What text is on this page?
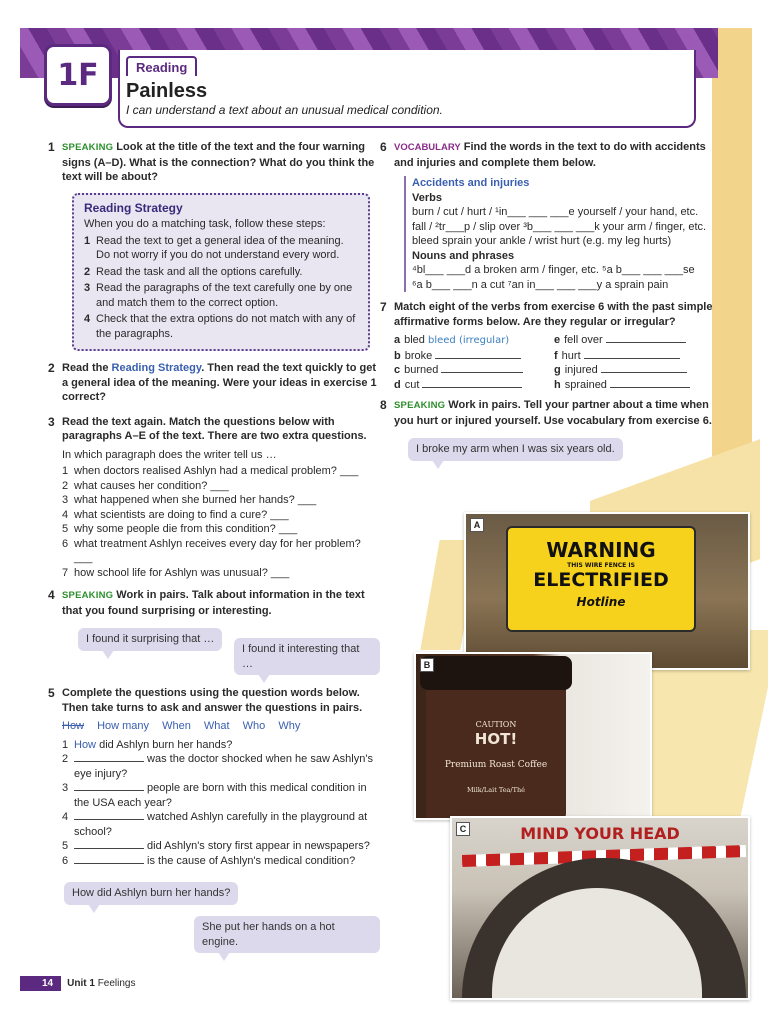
1F	Reading
Painless
I can understand a text about an unusual medical condition.
1 SPEAKING Look at the title of the text and the four warning signs (A–D). What is the connection? What do you think the text will be about?
Reading Strategy
When you do a matching task, follow these steps:
1 Read the text to get a general idea of the meaning. Do not worry if you do not understand every word.
2 Read the task and all the options carefully.
3 Read the paragraphs of the text carefully one by one and match them to the correct option.
4 Check that the extra options do not match with any of the paragraphs.
2 Read the Reading Strategy. Then read the text quickly to get a general idea of the meaning. Were your ideas in exercise 1 correct?
3 Read the text again. Match the questions below with paragraphs A–E of the text. There are two extra questions.
In which paragraph does the writer tell us …
1 when doctors realised Ashlyn had a medical problem? ___
2 what causes her condition? ___
3 what happened when she burned her hands? ___
4 what scientists are doing to find a cure? ___
5 why some people die from this condition? ___
6 what treatment Ashlyn receives every day for her problem? ___
7 how school life for Ashlyn was unusual? ___
4 SPEAKING Work in pairs. Talk about information in the text that you found surprising or interesting.
I found it surprising that …
I found it interesting that …
5 Complete the questions using the question words below. Then take turns to ask and answer the questions in pairs.
How How many When What Who Why
1 How did Ashlyn burn her hands?
2	was the doctor shocked when he saw Ashlyn's eye injury?
3	people are born with this medical condition in the USA each year?
4	watched Ashlyn carefully in the playground at school?
5	did Ashlyn's story first appear in newspapers?
6	is the cause of Ashlyn's medical condition?
How did Ashlyn burn her hands?
She put her hands on a hot engine.
6 VOCABULARY Find the words in the text to do with accidents and injuries and complete them below.
Accidents and injuries
Verbs
burn / cut / hurt / ¹in___ ___ ___e yourself / your hand, etc.
fall / ²tr___p / slip over ³b___ ___ ___k your arm / finger, etc.
bleed sprain your ankle / wrist hurt (e.g. my leg hurts)
Nouns and phrases
⁴bl___ ___d a broken arm / finger, etc. ⁵a b___ ___ ___se
⁶a b___ ___n a cut ⁷an in___ ___ ___y a sprain pain
7 Match eight of the verbs from exercise 6 with the past simple affirmative forms below. Are they regular or irregular?
a bled bleed (irregular)	e fell over
b broke	f hurt
c burned	g injured
d cut	h sprained
8 SPEAKING Work in pairs. Tell your partner about a time when you hurt or injured yourself. Use vocabulary from exercise 6.
I broke my arm when I was six years old.
WARNING
THIS WIRE FENCE IS
ELECTRIFIED
Hotline
A
CAUTION
HOT!
Premium Roast Coffee
Milk/Lait Tea/Thé
B
MIND YOUR HEAD
C
14	Unit 1
Feelings
